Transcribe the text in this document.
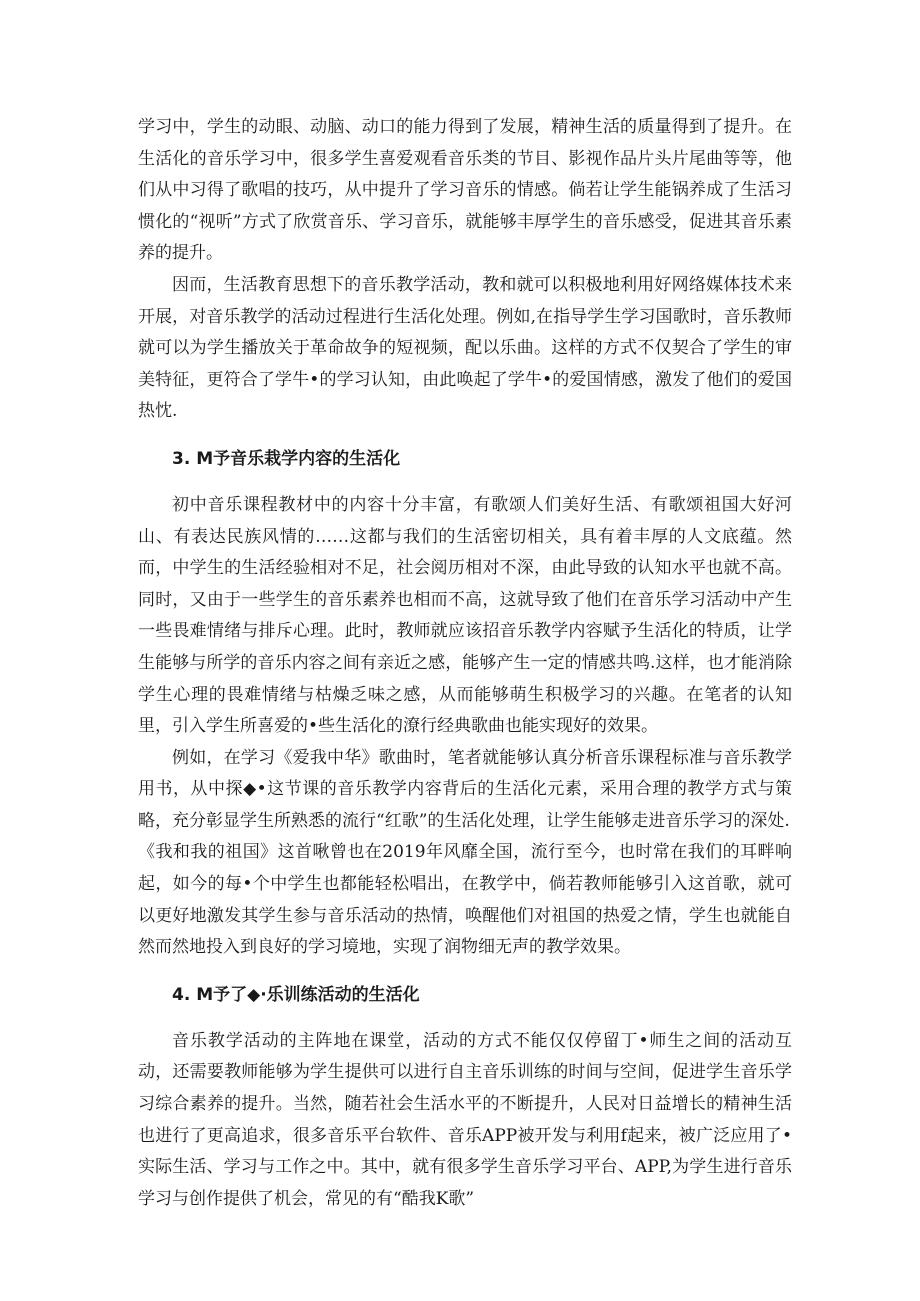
学习中，学生的动眼、动脑、动口的能力得到了发展，精神生活的质量得到了提升。在生活化的音乐学习中，很多学生喜爱观看音乐类的节目、影视作品片头片尾曲等等，他们从中习得了歌唱的技巧，从中提升了学习音乐的情感。倘若让学生能锅养成了生活习惯化的“视听”方式了欣赏音乐、学习音乐，就能够丰厚学生的音乐感受，促进其音乐素养的提升。

因而，生活教育思想下的音乐教学活动，教和就可以积极地利用好网络媒体技术来开展，对音乐教学的活动过程进行生活化处理。例如,在指导学生学习国歌时，音乐教师就可以为学生播放关于革命故争的短视频，配以乐曲。这样的方式不仅契合了学生的审美特征，更符合了学牛•的学习认知，由此唤起了学牛•的爱国情感，激发了他们的爱国热忱.

3. M予音乐栽学内容的生活化

初中音乐课程教材中的内容十分丰富，有歌颂人们美好生活、有歌颂祖国大好河山、有表达民族风情的……这都与我们的生活密切相关，具有着丰厚的人文底蕴。然而，中学生的生活经验相对不足，社会阅历相对不深，由此导致的认知水平也就不高。同时，又由于一些学生的音乐素养也相而不高，这就导致了他们在音乐学习活动中产生一些畏难情绪与排斥心理。此时，教师就应该招音乐教学内容赋予生活化的特质，让学生能够与所学的音乐内容之间有亲近之感，能够产生一定的情感共鸣.这样，也才能消除学生心理的畏难情绪与枯燥乏味之感，从而能够萌生积极学习的兴趣。在笔者的认知里，引入学生所喜爱的•些生活化的潦行经典歌曲也能实现好的效果。

例如，在学习《爱我中华》歌曲时，笔者就能够认真分析音乐课程标准与音乐教学用书，从中探◆•这节课的音乐教学内容背后的生活化元素，采用合理的教学方式与策略，充分彰显学生所熟悉的流行“红歌”的生活化处理，让学生能够走进音乐学习的深处.

《我和我的祖国》这首啾曾也在2019年风靡全国，流行至今，也时常在我们的耳畔响起，如今的每•个中学生也都能轻松唱出，在教学中，倘若教师能够引入这首歌，就可以更好地激发其学生参与音乐活动的热情，唤醒他们对祖国的热爱之情，学生也就能自然而然地投入到良好的学习境地，实现了润物细无声的教学效果。

4. M予了◆·乐训练活动的生活化

音乐教学活动的主阵地在课堂，活动的方式不能仅仅停留丁•师生之间的活动互动，还需要教师能够为学生提供可以进行自主音乐训练的时间与空间，促进学生音乐学习综合素养的提升。当然，随若社会生活水平的不断提升，人民对日益增长的精神生活也进行了更高追求，很多音乐平台软件、音乐APP被开发与利用f起来，被广泛应用了•实际生活、学习与工作之中。其中，就有很多学生音乐学习平台、APP,为学生进行音乐学习与创作提供了机会，常见的有“酷我K歌”
